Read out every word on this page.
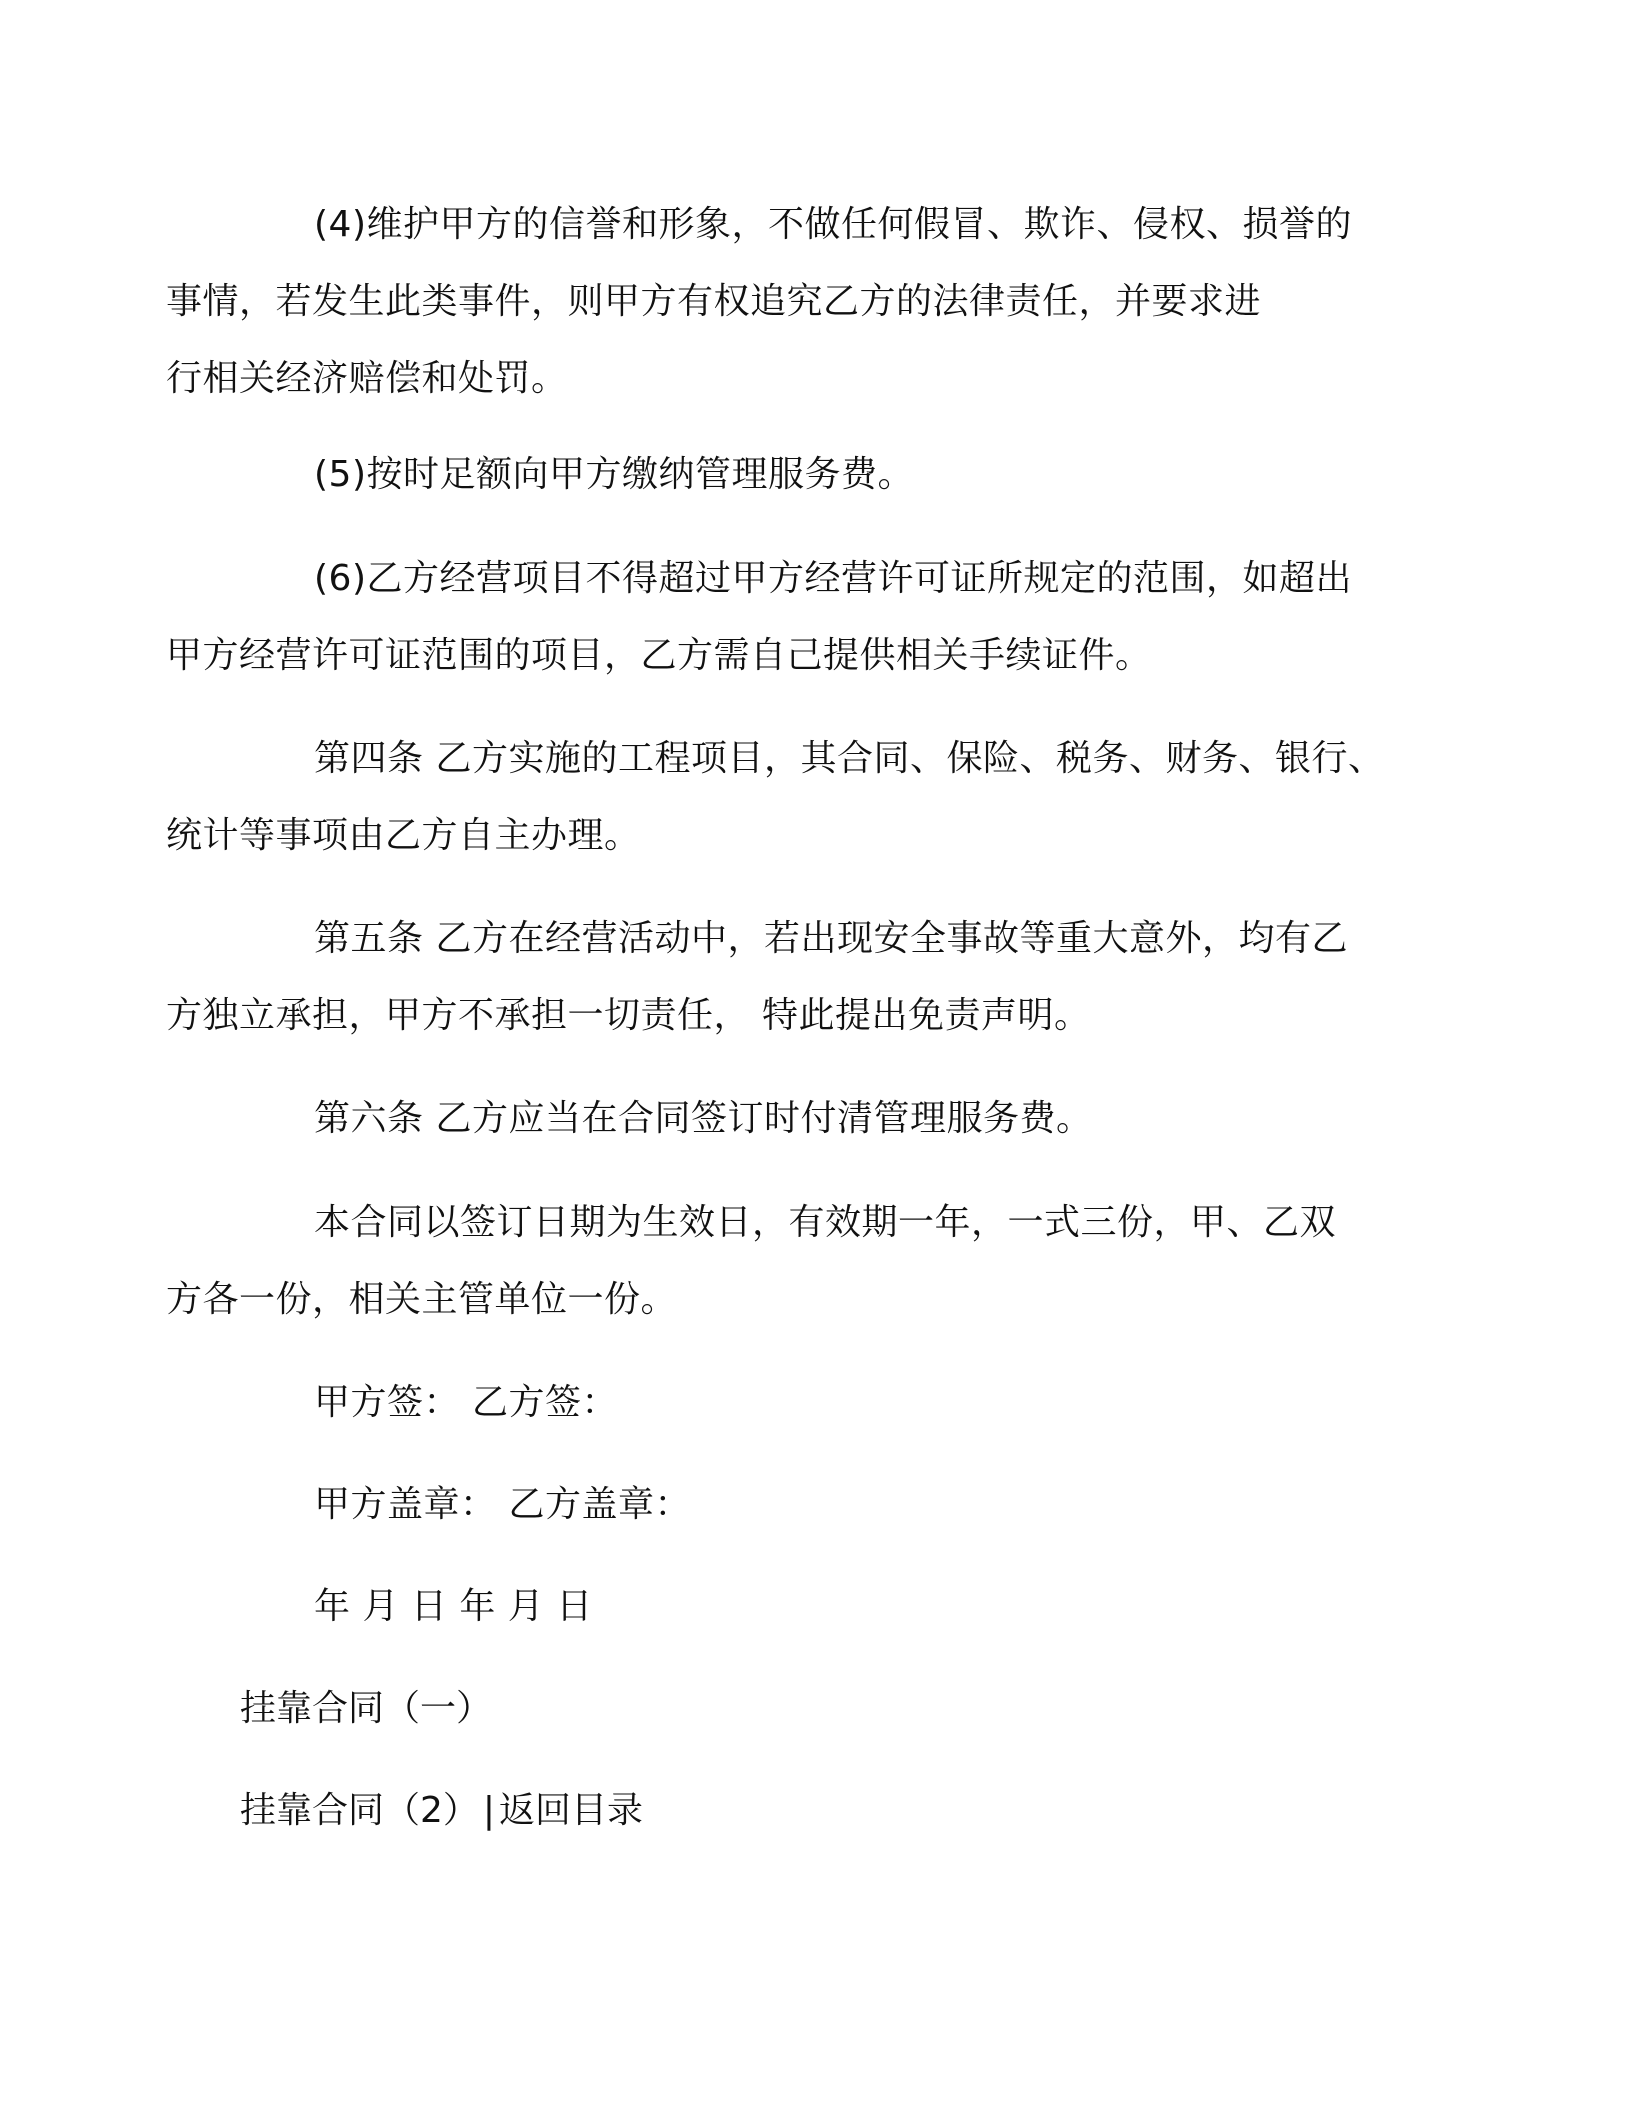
(4)维护甲方的信誉和形象，不做任何假冒、欺诈、侵权、损誉的
事情，若发生此类事件，则甲方有权追究乙方的法律责任，并要求进
行相关经济赔偿和处罚。

(5)按时足额向甲方缴纳管理服务费。

(6)乙方经营项目不得超过甲方经营许可证所规定的范围，如超出
甲方经营许可证范围的项目，乙方需自己提供相关手续证件。

第四条 乙方实施的工程项目，其合同、保险、税务、财务、银行、
统计等事项由乙方自主办理。

第五条 乙方在经营活动中，若出现安全事故等重大意外，均有乙
方独立承担，甲方不承担一切责任， 特此提出免责声明。

第六条 乙方应当在合同签订时付清管理服务费。

本合同以签订日期为生效日，有效期一年，一式三份，甲、乙双
方各一份，相关主管单位一份。

甲方签： 乙方签：

甲方盖章： 乙方盖章：

年 月 日 年 月 日

挂靠合同（一）
挂靠合同（2） | 返回目录
